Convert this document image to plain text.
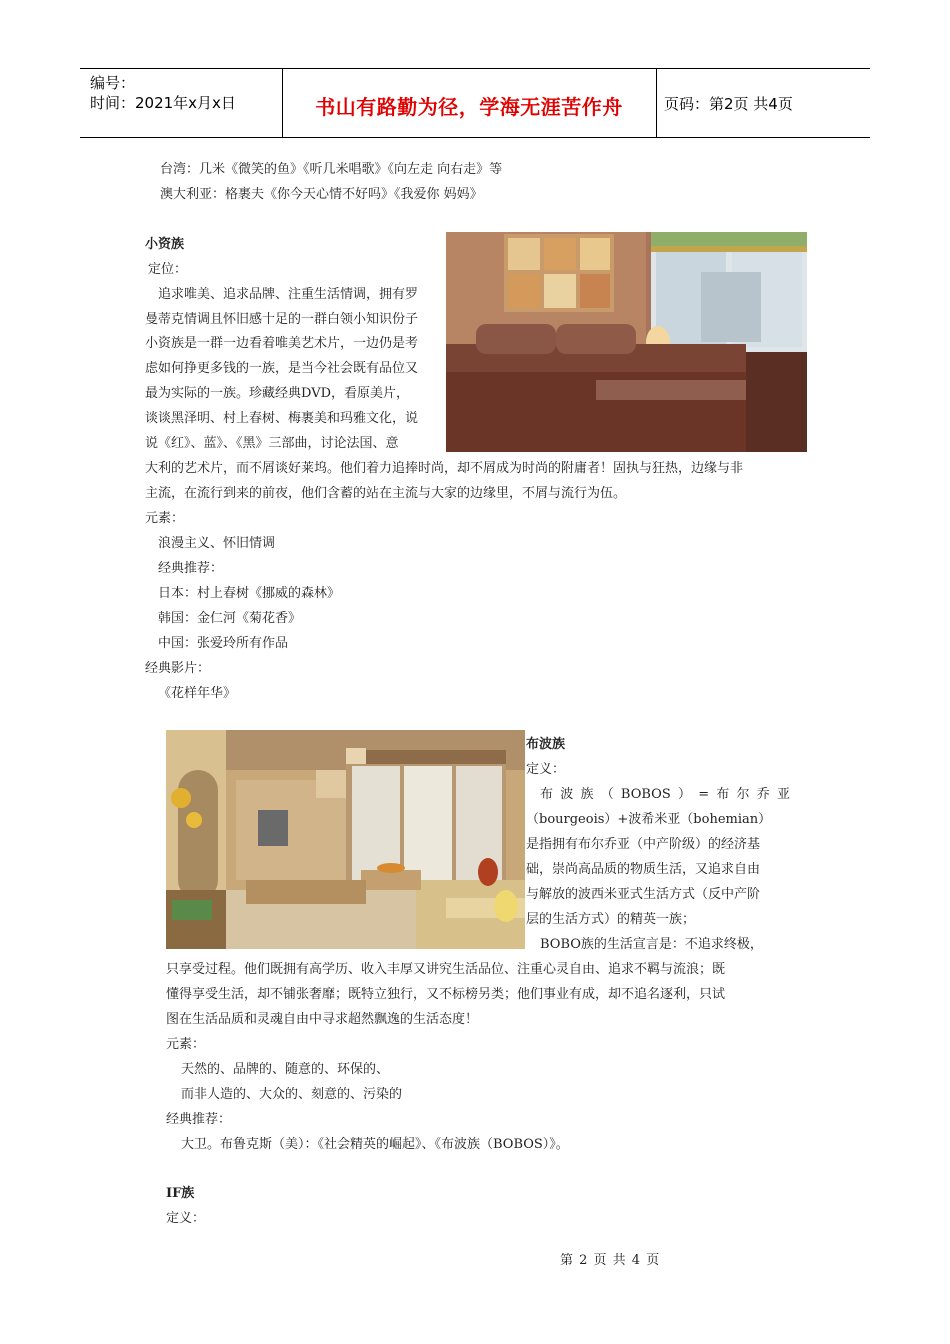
编号：
时间：2021年x月x日	书山有路勤为径，学海无涯苦作舟	页码：第2页 共4页
台湾：几米《微笑的鱼》《听几米唱歌》《向左走 向右走》等
澳大利亚：格裹夫《你今天心情不好吗》《我爱你 妈妈》
小资族
定位：
追求唯美、追求品牌、注重生活情调，拥有罗
曼蒂克情调且怀旧感十足的一群白领小知识份子
小资族是一群一边看着唯美艺术片，一边仍是考
虑如何挣更多钱的一族，是当今社会既有品位又
最为实际的一族。珍藏经典DVD，看原美片，
谈谈黑泽明、村上春树、梅裹美和玛雅文化，说
说《红》、蓝》、《黑》三部曲，讨论法国、意
大利的艺术片，而不屑谈好莱坞。他们着力追捧时尚，却不屑成为时尚的附庸者！固执与狂热，边缘与非
主流，在流行到来的前夜，他们含蓄的站在主流与大家的边缘里，不屑与流行为伍。
元素：
浪漫主义、怀旧情调
经典推荐：
日本：村上春树《挪威的森林》
韩国：金仁河《菊花香》
中国：张爱玲所有作品
经典影片：
《花样年华》
布波族
定义：
布波族（BOBOS）=布尔乔亚
（bourgeois）+波希米亚（bohemian）
是指拥有布尔乔亚（中产阶级）的经济基
础，崇尚高品质的物质生活，又追求自由
与解放的波西米亚式生活方式（反中产阶
层的生活方式）的精英一族；
BOBO族的生活宣言是：不追求终极，
只享受过程。他们既拥有高学历、收入丰厚又讲究生活品位、注重心灵自由、追求不羁与流浪；既
懂得享受生活，却不铺张奢靡；既特立独行，又不标榜另类；他们事业有成，却不追名逐利，只试
图在生活品质和灵魂自由中寻求超然飘逸的生活态度！
元素：
天然的、品牌的、随意的、环保的、
而非人造的、大众的、刻意的、污染的
经典推荐：
大卫。布鲁克斯（美）：《社会精英的崛起》、《布波族（BOBOS）》。
IF族
定义：
第 2 页 共 4 页
